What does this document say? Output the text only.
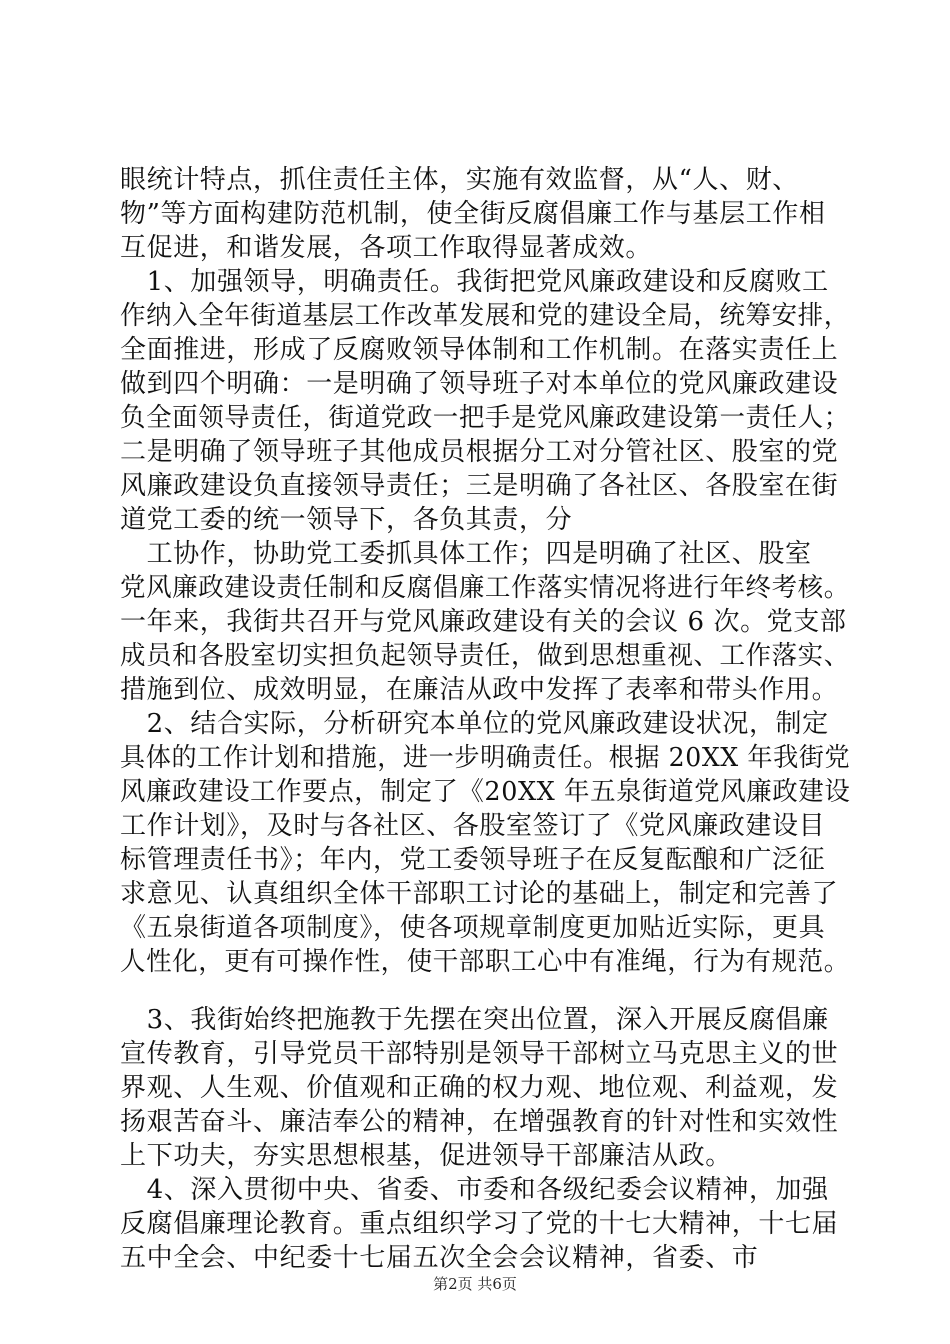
眼统计特点，抓住责任主体，实施有效监督，从“人、财、
物”等方面构建防范机制，使全街反腐倡廉工作与基层工作相
互促进，和谐发展，各项工作取得显著成效。
　1、加强领导，明确责任。我街把党风廉政建设和反腐败工
作纳入全年街道基层工作改革发展和党的建设全局，统筹安排，
全面推进，形成了反腐败领导体制和工作机制。在落实责任上
做到四个明确：一是明确了领导班子对本单位的党风廉政建设
负全面领导责任，街道党政一把手是党风廉政建设第一责任人；
二是明确了领导班子其他成员根据分工对分管社区、股室的党
风廉政建设负直接领导责任；三是明确了各社区、各股室在街
道党工委的统一领导下，各负其责，分
　工协作，协助党工委抓具体工作；四是明确了社区、股室
党风廉政建设责任制和反腐倡廉工作落实情况将进行年终考核。
一年来，我街共召开与党风廉政建设有关的会议 6 次。党支部
成员和各股室切实担负起领导责任，做到思想重视、工作落实、
措施到位、成效明显，在廉洁从政中发挥了表率和带头作用。
　2、结合实际，分析研究本单位的党风廉政建设状况，制定
具体的工作计划和措施，进一步明确责任。根据 20XX 年我街党
风廉政建设工作要点，制定了《20XX 年五泉街道党风廉政建设
工作计划》，及时与各社区、各股室签订了《党风廉政建设目
标管理责任书》；年内，党工委领导班子在反复酝酿和广泛征
求意见、认真组织全体干部职工讨论的基础上，制定和完善了
《五泉街道各项制度》，使各项规章制度更加贴近实际，更具
人性化，更有可操作性，使干部职工心中有准绳，行为有规范。
　3、我街始终把施教于先摆在突出位置，深入开展反腐倡廉
宣传教育，引导党员干部特别是领导干部树立马克思主义的世
界观、人生观、价值观和正确的权力观、地位观、利益观，发
扬艰苦奋斗、廉洁奉公的精神，在增强教育的针对性和实效性
上下功夫，夯实思想根基，促进领导干部廉洁从政。
　4、深入贯彻中央、省委、市委和各级纪委会议精神，加强
反腐倡廉理论教育。重点组织学习了党的十七大精神，十七届
五中全会、中纪委十七届五次全会会议精神，省委、市
第2页 共6页
